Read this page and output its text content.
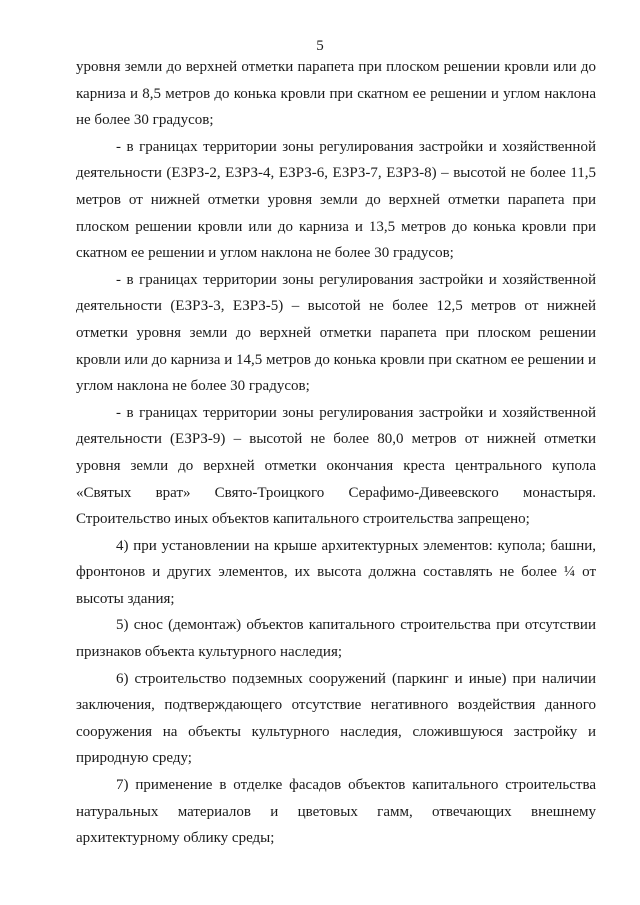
5

уровня земли до верхней отметки парапета при плоском решении кровли или до карниза и 8,5 метров до конька кровли при скатном ее решении и углом наклона не более 30 градусов;

- в границах территории зоны регулирования застройки и хозяйственной деятельности (ЕЗРЗ-2, ЕЗРЗ-4, ЕЗРЗ-6, ЕЗРЗ-7, ЕЗРЗ-8) – высотой не более 11,5 метров от нижней отметки уровня земли до верхней отметки парапета при плоском решении кровли или до карниза и 13,5 метров до конька кровли при скатном ее решении и углом наклона не более 30 градусов;

- в границах территории зоны регулирования застройки и хозяйственной деятельности (ЕЗРЗ-3, ЕЗРЗ-5) – высотой не более 12,5 метров от нижней отметки уровня земли до верхней отметки парапета при плоском решении кровли или до карниза и 14,5 метров до конька кровли при скатном ее решении и углом наклона не более 30 градусов;

- в границах территории зоны регулирования застройки и хозяйственной деятельности (ЕЗРЗ-9) – высотой не более 80,0 метров от нижней отметки уровня земли до верхней отметки окончания креста центрального купола «Святых врат» Свято-Троицкого Серафимо-Дивеевского монастыря. Строительство иных объектов капитального строительства запрещено;

4) при установлении на крыше архитектурных элементов: купола; башни, фронтонов и других элементов, их высота должна составлять не более ¼ от высоты здания;

5) снос (демонтаж) объектов капитального строительства при отсутствии признаков объекта культурного наследия;

6) строительство подземных сооружений (паркинг и иные) при наличии заключения, подтверждающего отсутствие негативного воздействия данного сооружения на объекты культурного наследия, сложившуюся застройку и природную среду;

7) применение в отделке фасадов объектов капитального строительства натуральных материалов и цветовых гамм, отвечающих внешнему архитектурному облику среды;
